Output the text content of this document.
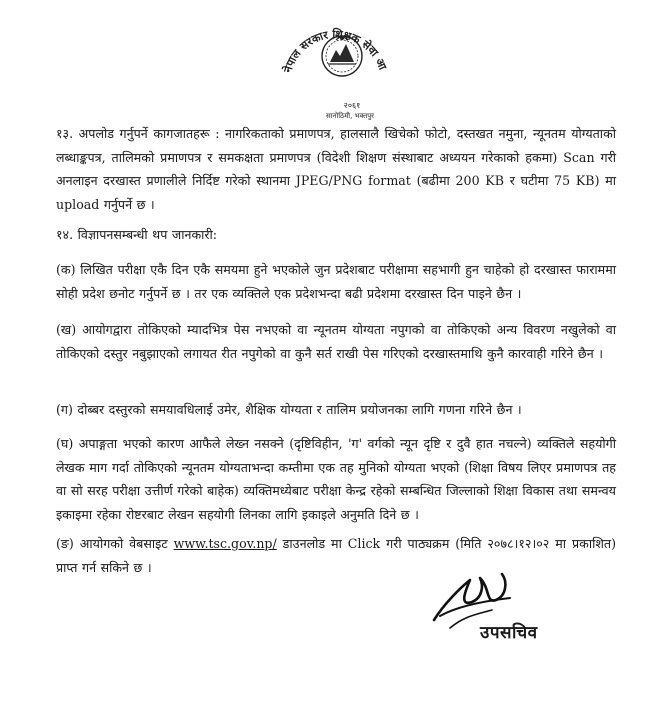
नेपाल सरकार शिक्षक सेवा आ
२०६१
सानोठिमी, भक्तपुर

१३. अपलोड गर्नुपर्ने कागजातहरू : नागरिकताको प्रमाणपत्र, हालसालै खिचेको फोटो, दस्तखत नमुना, न्यूनतम योग्यताको लब्धाङ्कपत्र, तालिमको प्रमाणपत्र र समकक्षता प्रमाणपत्र (विदेशी शिक्षण संस्थाबाट अध्ययन गरेकाको हकमा) Scan गरी अनलाइन दरखास्त प्रणालीले निर्दिष्ट गरेको स्थानमा JPEG/PNG format (बढीमा 200 KB र घटीमा 75 KB) मा upload गर्नुपर्ने छ ।

१४. विज्ञापनसम्बन्धी थप जानकारी:

(क) लिखित परीक्षा एकै दिन एकै समयमा हुने भएकोले जुन प्रदेशबाट परीक्षामा सहभागी हुन चाहेको हो दरखास्त फाराममा सोही प्रदेश छनोट गर्नुपर्ने छ । तर एक व्यक्तिले एक प्रदेशभन्दा बढी प्रदेशमा दरखास्त दिन पाइने छैन ।

(ख) आयोगद्वारा तोकिएको म्यादभित्र पेस नभएको वा न्यूनतम योग्यता नपुगको वा तोकिएको अन्य विवरण नखुलेको वा तोकिएको दस्तुर नबुझाएको लगायत रीत नपुगेको वा कुनै सर्त राखी पेस गरिएको दरखास्तमाथि कुनै कारवाही गरिने छैन ।

(ग) दोब्बर दस्तुरको समयावधिलाई उमेर, शैक्षिक योग्यता र तालिम प्रयोजनका लागि गणना गरिने छैन ।

(घ) अपाङ्गता भएको कारण आफैले लेख्न नसक्ने (दृष्टिविहीन, 'ग' वर्गको न्यून दृष्टि र दुवै हात नचल्ने) व्यक्तिले सहयोगी लेखक माग गर्दा तोकिएको न्यूनतम योग्यताभन्दा कम्तीमा एक तह मुनिको योग्यता भएको (शिक्षा विषय लिएर प्रमाणपत्र तह वा सो सरह परीक्षा उत्तीर्ण गरेको बाहेक) व्यक्तिमध्येबाट परीक्षा केन्द्र रहेको सम्बन्धित जिल्लाको शिक्षा विकास तथा समन्वय इकाइमा रहेका रोष्टरबाट लेखन सहयोगी लिनका लागि इकाइले अनुमति दिने छ ।

(ङ) आयोगको वेबसाइट www.tsc.gov.np/ डाउनलोड मा Click गरी पाठ्यक्रम (मिति २०७८।१२।०२ मा प्रकाशित) प्राप्त गर्न सकिने छ ।

उपसचिव
